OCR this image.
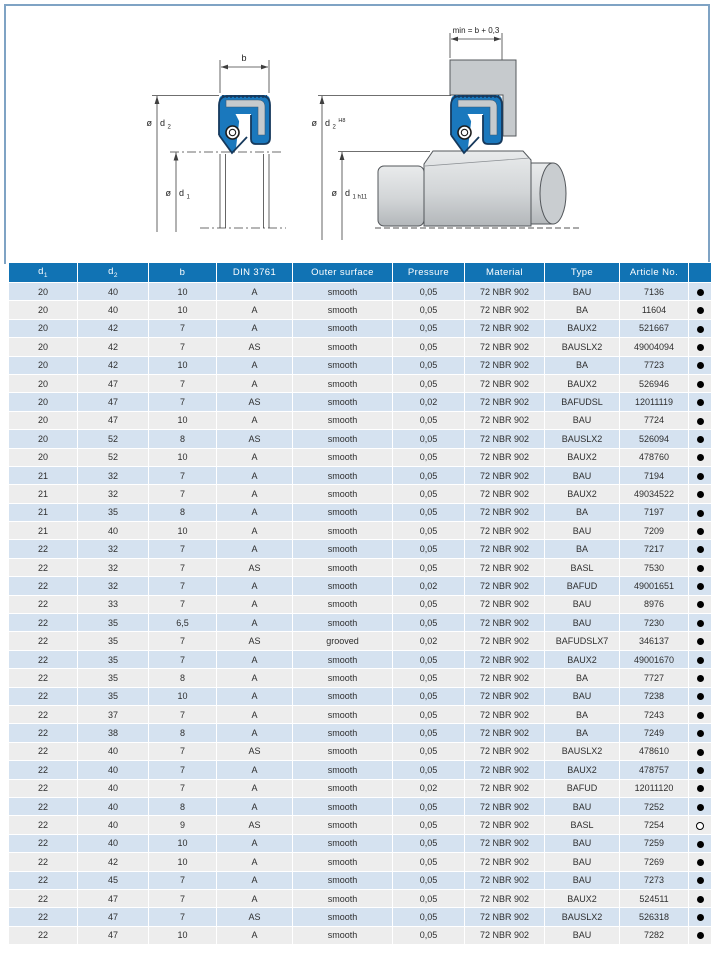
b
ø d $_2$
ø d $_1$
min = b + 0,3
ø d $_2$ $^{H8}$
ø d $_{1 h11}$
$d_1$	$d_2$	b	DIN 3761	Outer surface	Pressure	Material	Type	Article No.	
20	40	10	A	smooth	0,05	72 NBR 902	BAU	7136	
20	40	10	A	smooth	0,05	72 NBR 902	BA	11604	
20	42	7	A	smooth	0,05	72 NBR 902	BAUX2	521667	
20	42	7	AS	smooth	0,05	72 NBR 902	BAUSLX2	49004094	
20	42	10	A	smooth	0,05	72 NBR 902	BA	7723	
20	47	7	A	smooth	0,05	72 NBR 902	BAUX2	526946	
20	47	7	AS	smooth	0,02	72 NBR 902	BAFUDSL	12011119	
20	47	10	A	smooth	0,05	72 NBR 902	BAU	7724	
20	52	8	AS	smooth	0,05	72 NBR 902	BAUSLX2	526094	
20	52	10	A	smooth	0,05	72 NBR 902	BAUX2	478760	
21	32	7	A	smooth	0,05	72 NBR 902	BAU	7194	
21	32	7	A	smooth	0,05	72 NBR 902	BAUX2	49034522	
21	35	8	A	smooth	0,05	72 NBR 902	BA	7197	
21	40	10	A	smooth	0,05	72 NBR 902	BAU	7209	
22	32	7	A	smooth	0,05	72 NBR 902	BA	7217	
22	32	7	AS	smooth	0,05	72 NBR 902	BASL	7530	
22	32	7	A	smooth	0,02	72 NBR 902	BAFUD	49001651	
22	33	7	A	smooth	0,05	72 NBR 902	BAU	8976	
22	35	6,5	A	smooth	0,05	72 NBR 902	BAU	7230	
22	35	7	AS	grooved	0,02	72 NBR 902	BAFUDSLX7	346137	
22	35	7	A	smooth	0,05	72 NBR 902	BAUX2	49001670	
22	35	8	A	smooth	0,05	72 NBR 902	BA	7727	
22	35	10	A	smooth	0,05	72 NBR 902	BAU	7238	
22	37	7	A	smooth	0,05	72 NBR 902	BA	7243	
22	38	8	A	smooth	0,05	72 NBR 902	BA	7249	
22	40	7	AS	smooth	0,05	72 NBR 902	BAUSLX2	478610	
22	40	7	A	smooth	0,05	72 NBR 902	BAUX2	478757	
22	40	7	A	smooth	0,02	72 NBR 902	BAFUD	12011120	
22	40	8	A	smooth	0,05	72 NBR 902	BAU	7252	
22	40	9	AS	smooth	0,05	72 NBR 902	BASL	7254	
22	40	10	A	smooth	0,05	72 NBR 902	BAU	7259	
22	42	10	A	smooth	0,05	72 NBR 902	BAU	7269	
22	45	7	A	smooth	0,05	72 NBR 902	BAU	7273	
22	47	7	A	smooth	0,05	72 NBR 902	BAUX2	524511	
22	47	7	AS	smooth	0,05	72 NBR 902	BAUSLX2	526318	
22	47	10	A	smooth	0,05	72 NBR 902	BAU	7282	
